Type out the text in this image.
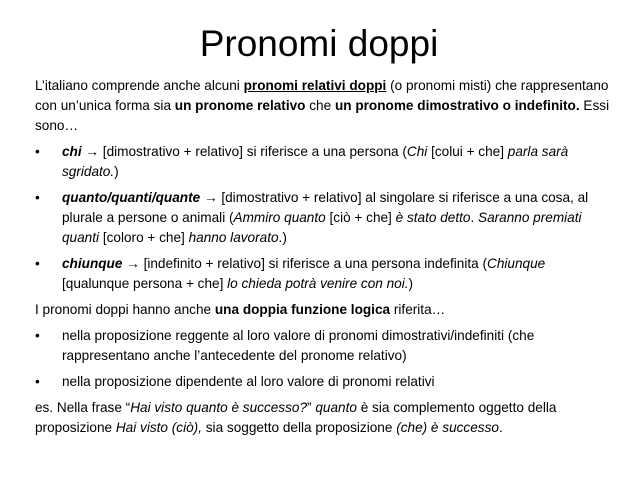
Pronomi doppi

L’italiano comprende anche alcuni pronomi relativi doppi (o pronomi misti) che rappresentano con un’unica forma sia un pronome relativo che un pronome dimostrativo o indefinito. Essi sono…

• chi → [dimostrativo + relativo] si riferisce a una persona (Chi [colui + che] parla sarà sgridato.)
• quanto/quanti/quante → [dimostrativo + relativo] al singolare si riferisce a una cosa, al plurale a persone o animali (Ammiro quanto [ciò + che] è stato detto. Saranno premiati quanti [coloro + che] hanno lavorato.)
• chiunque → [indefinito + relativo] si riferisce a una persona indefinita (Chiunque [qualunque persona + che] lo chieda potrà venire con noi.)

I pronomi doppi hanno anche una doppia funzione logica riferita…

• nella proposizione reggente al loro valore di pronomi dimostrativi/indefiniti (che rappresentano anche l’antecedente del pronome relativo)
• nella proposizione dipendente al loro valore di pronomi relativi

es. Nella frase “Hai visto quanto è successo?” quanto è sia complemento oggetto della proposizione Hai visto (ciò), sia soggetto della proposizione (che) è successo.
